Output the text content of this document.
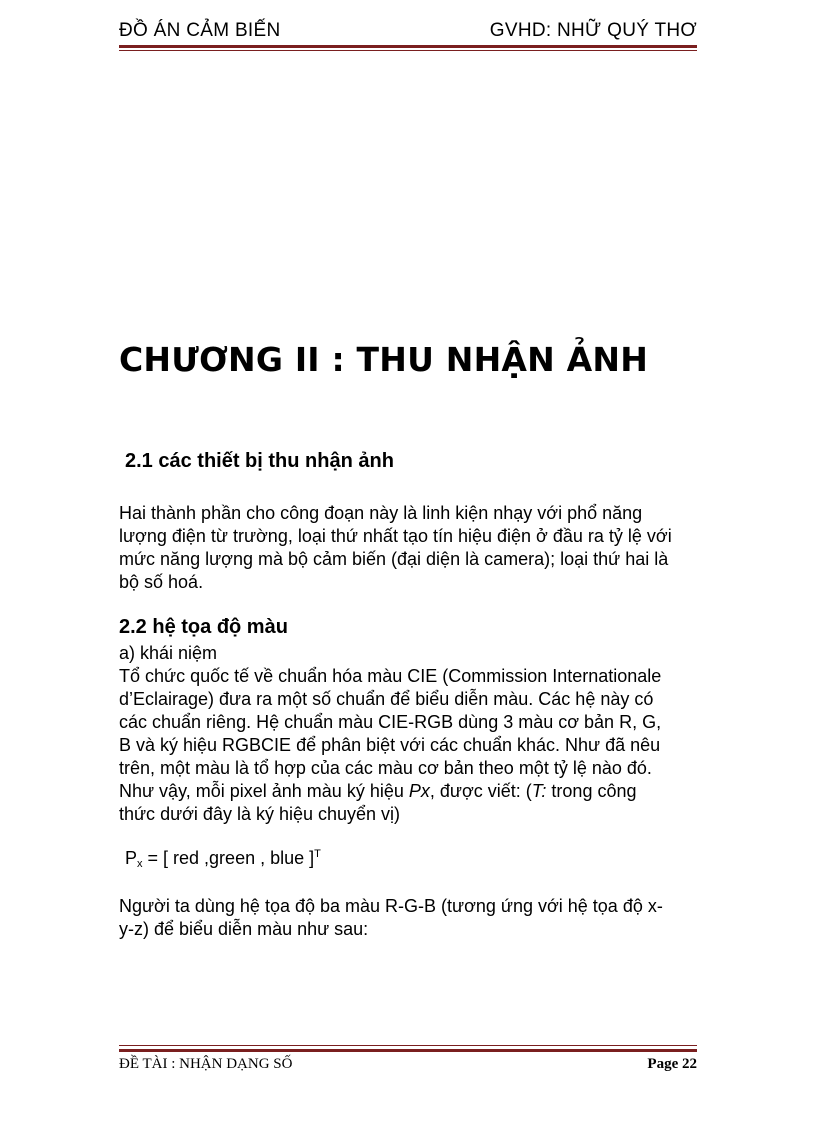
ĐỒ ÁN CẢM BIẾN	GVHD: NHỮ QUÝ THƠ
CHƯƠNG II : THU NHẬN ẢNH
2.1 các thiết bị thu nhận ảnh
Hai thành phần cho công đoạn này là linh kiện nhạy với phổ năng
lượng điện từ trường, loại thứ nhất tạo tín hiệu điện ở đầu ra tỷ lệ với
mức năng lượng mà bộ cảm biến (đại diện là camera); loại thứ hai là
bộ số hoá.
2.2 hệ tọa độ màu
a) khái niệm
Tổ chức quốc tế về chuẩn hóa màu CIE (Commission Internationale
d’Eclairage) đưa ra một số chuẩn để biểu diễn màu. Các hệ này có
các chuẩn riêng. Hệ chuẩn màu CIE-RGB dùng 3 màu cơ bản R, G,
B và ký hiệu RGBCIE để phân biệt với các chuẩn khác. Như đã nêu
trên, một màu là tổ hợp của các màu cơ bản theo một tỷ lệ nào đó.
Như vậy, mỗi pixel ảnh màu ký hiệu Px, được viết: (T: trong công
thức dưới đây là ký hiệu chuyển vị)
$P_x$ = [ red ,green , blue ]$^T$
Người ta dùng hệ tọa độ ba màu R-G-B (tương ứng với hệ tọa độ x-
y-z) để biểu diễn màu như sau:
ĐỀ TÀI : NHẬN DẠNG SỐ	Page 22
